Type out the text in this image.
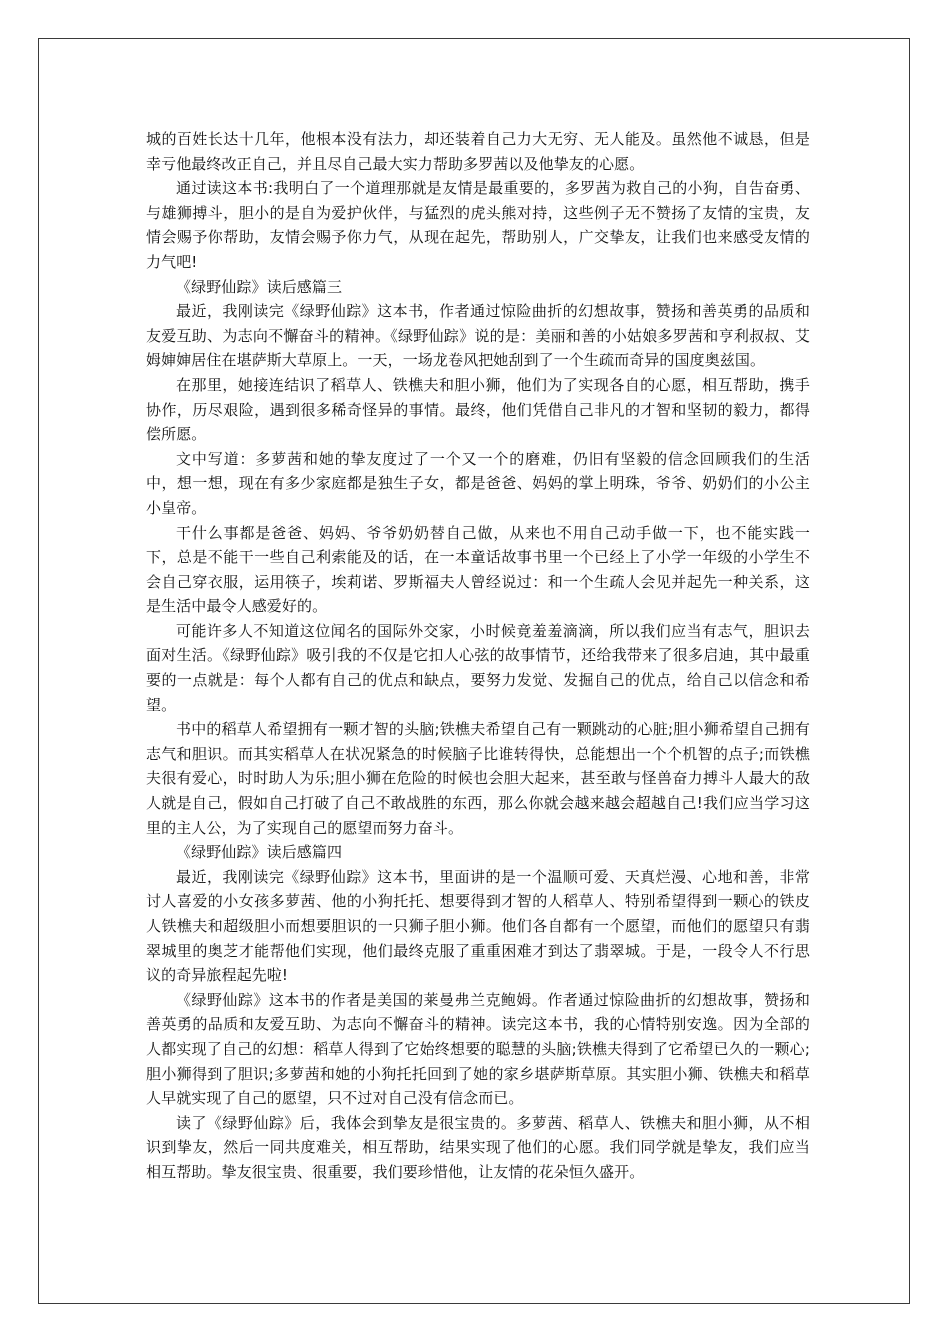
城的百姓长达十几年，他根本没有法力，却还装着自己力大无穷、无人能及。虽然他不诚恳，但是幸亏他最终改正自己，并且尽自己最大实力帮助多罗茜以及他挚友的心愿。

通过读这本书:我明白了一个道理那就是友情是最重要的，多罗茜为救自己的小狗，自告奋勇、与雄狮搏斗，胆小的是自为爱护伙伴，与猛烈的虎头熊对持，这些例子无不赞扬了友情的宝贵，友情会赐予你帮助，友情会赐予你力气，从现在起先，帮助别人，广交挚友，让我们也来感受友情的力气吧!

《绿野仙踪》读后感篇三

最近，我刚读完《绿野仙踪》这本书，作者通过惊险曲折的幻想故事，赞扬和善英勇的品质和友爱互助、为志向不懈奋斗的精神。《绿野仙踪》说的是：美丽和善的小姑娘多罗茜和亨利叔叔、艾姆婶婶居住在堪萨斯大草原上。一天，一场龙卷风把她刮到了一个生疏而奇异的国度奥兹国。

在那里，她接连结识了稻草人、铁樵夫和胆小狮，他们为了实现各自的心愿，相互帮助，携手协作，历尽艰险，遇到很多稀奇怪异的事情。最终，他们凭借自己非凡的才智和坚韧的毅力，都得偿所愿。

文中写道：多萝茜和她的挚友度过了一个又一个的磨难，仍旧有坚毅的信念回顾我们的生活中，想一想，现在有多少家庭都是独生子女，都是爸爸、妈妈的掌上明珠，爷爷、奶奶们的小公主小皇帝。

干什么事都是爸爸、妈妈、爷爷奶奶替自己做，从来也不用自己动手做一下，也不能实践一下，总是不能干一些自己利索能及的话，在一本童话故事书里一个已经上了小学一年级的小学生不会自己穿衣服，运用筷子，埃莉诺、罗斯福夫人曾经说过：和一个生疏人会见并起先一种关系，这是生活中最令人感爱好的。

可能许多人不知道这位闻名的国际外交家，小时候竟羞羞滴滴，所以我们应当有志气，胆识去面对生活。《绿野仙踪》吸引我的不仅是它扣人心弦的故事情节，还给我带来了很多启迪，其中最重要的一点就是：每个人都有自己的优点和缺点，要努力发觉、发掘自己的优点，给自己以信念和希望。

书中的稻草人希望拥有一颗才智的头脑;铁樵夫希望自己有一颗跳动的心脏;胆小狮希望自己拥有志气和胆识。而其实稻草人在状况紧急的时候脑子比谁转得快，总能想出一个个机智的点子;而铁樵夫很有爱心，时时助人为乐;胆小狮在危险的时候也会胆大起来，甚至敢与怪兽奋力搏斗人最大的敌人就是自己，假如自己打破了自己不敢战胜的东西，那么你就会越来越会超越自己!我们应当学习这里的主人公，为了实现自己的愿望而努力奋斗。

《绿野仙踪》读后感篇四

最近，我刚读完《绿野仙踪》这本书，里面讲的是一个温顺可爱、天真烂漫、心地和善，非常讨人喜爱的小女孩多萝茜、他的小狗托托、想要得到才智的人稻草人、特别希望得到一颗心的铁皮人铁樵夫和超级胆小而想要胆识的一只狮子胆小狮。他们各自都有一个愿望，而他们的愿望只有翡翠城里的奥芝才能帮他们实现，他们最终克服了重重困难才到达了翡翠城。于是，一段令人不行思议的奇异旅程起先啦!

《绿野仙踪》这本书的作者是美国的莱曼弗兰克鲍姆。作者通过惊险曲折的幻想故事，赞扬和善英勇的品质和友爱互助、为志向不懈奋斗的精神。读完这本书，我的心情特别安逸。因为全部的人都实现了自己的幻想：稻草人得到了它始终想要的聪慧的头脑;铁樵夫得到了它希望已久的一颗心;胆小狮得到了胆识;多萝茜和她的小狗托托回到了她的家乡堪萨斯草原。其实胆小狮、铁樵夫和稻草人早就实现了自己的愿望，只不过对自己没有信念而已。

读了《绿野仙踪》后，我体会到挚友是很宝贵的。多萝茜、稻草人、铁樵夫和胆小狮，从不相识到挚友，然后一同共度难关，相互帮助，结果实现了他们的心愿。我们同学就是挚友，我们应当相互帮助。挚友很宝贵、很重要，我们要珍惜他，让友情的花朵恒久盛开。
